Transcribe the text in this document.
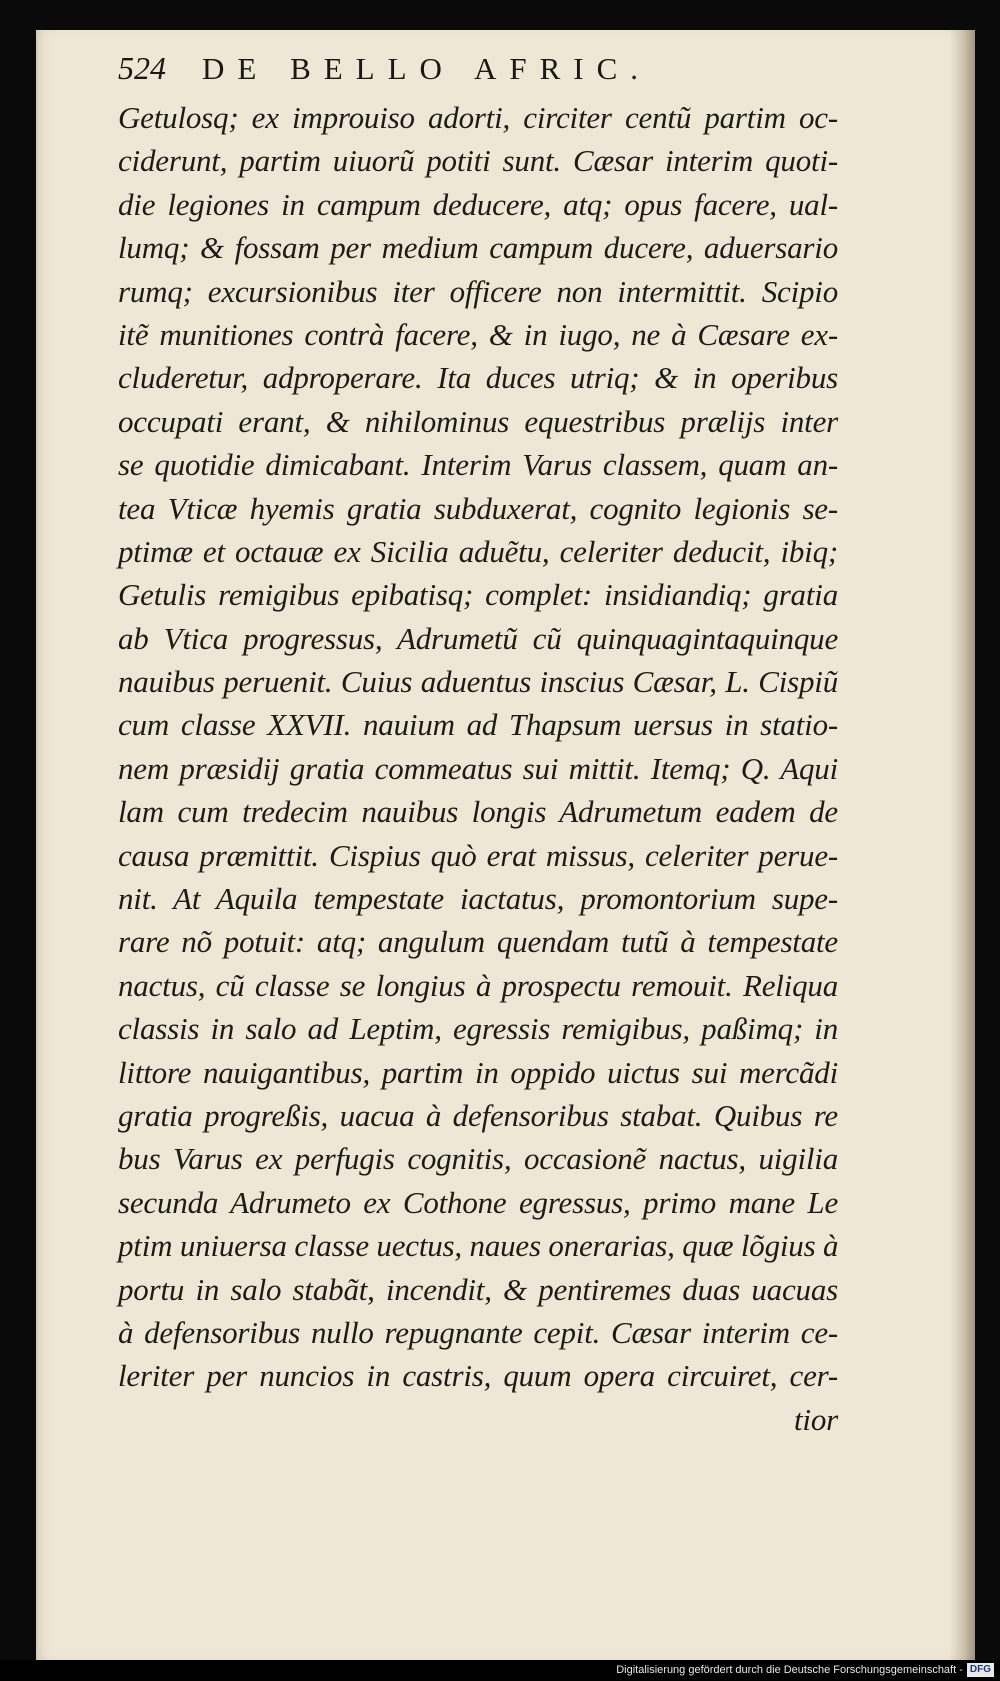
524 DE BELLO AFRIC.
Getulosq; ex improuiso adorti, circiter centũ partim oc-
ciderunt, partim uiuorũ potiti sunt. Cæsar interim quoti-
die legiones in campum deducere, atq; opus facere, ual-
lumq; & fossam per medium campum ducere, aduersario
rumq; excursionibus iter officere non intermittit. Scipio
itẽ munitiones contrà facere, & in iugo, ne à Cæsare ex-
cluderetur, adproperare. Ita duces utriq; & in operibus
occupati erant, & nihilominus equestribus prælijs inter
se quotidie dimicabant. Interim Varus classem, quam an-
tea Vticæ hyemis gratia subduxerat, cognito legionis se-
ptimæ et octauæ ex Sicilia aduẽtu, celeriter deducit, ibiq;
Getulis remigibus epibatisq; complet: insidiandiq; gratia
ab Vtica progressus, Adrumetũ cũ quinquagintaquinque
nauibus peruenit. Cuius aduentus inscius Cæsar, L. Cispiũ
cum classe XXVII. nauium ad Thapsum uersus in statio-
nem præsidij gratia commeatus sui mittit. Itemq; Q. Aqui
lam cum tredecim nauibus longis Adrumetum eadem de
causa præmittit. Cispius quò erat missus, celeriter perue-
nit. At Aquila tempestate iactatus, promontorium supe-
rare nõ potuit: atq; angulum quendam tutũ à tempestate
nactus, cũ classe se longius à prospectu remouit. Reliqua
classis in salo ad Leptim, egressis remigibus, paßimq; in
littore nauigantibus, partim in oppido uictus sui mercãdi
gratia progreßis, uacua à defensoribus stabat. Quibus re
bus Varus ex perfugis cognitis, occasionẽ nactus, uigilia
secunda Adrumeto ex Cothone egressus, primo mane Le
ptim uniuersa classe uectus, naues onerarias, quæ lõgius à
portu in salo stabãt, incendit, & pentiremes duas uacuas
à defensoribus nullo repugnante cepit. Cæsar interim ce-
leriter per nuncios in castris, quum opera circuiret, cer-
tior
Digitalisierung gefördert durch die Deutsche Forschungsgemeinschaft - DFG
